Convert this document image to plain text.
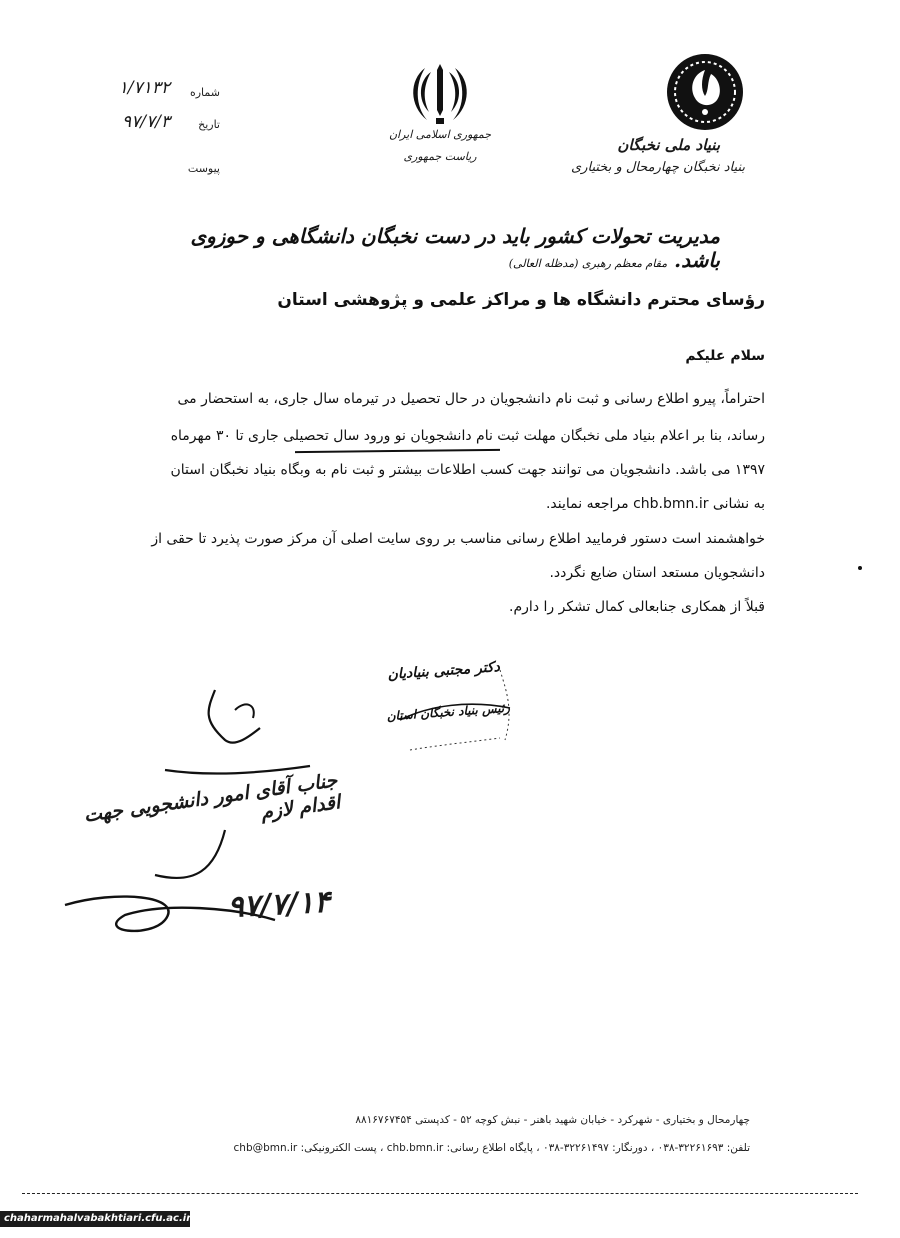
بنیاد ملی نخبگان
بنیاد نخبگان چهارمحال و بختیاری
جمهوری اسلامی ایران
ریاست جمهوری
شماره
۱/۷۱۳۲
تاریخ
۹۷/۷/۳
پیوست
مدیریت تحولات کشور باید در دست نخبگان دانشگاهی و حوزوی باشد. مقام معظم رهبری (مدظله العالی)
رؤسای محترم دانشگاه ها و مراکز علمی و پژوهشی استان
سلام علیکم
احتراماً، پیرو اطلاع رسانی و ثبت نام دانشجویان در حال تحصیل در تیرماه سال جاری، به استحضار می
رساند، بنا بر اعلام بنیاد ملی نخبگان مهلت ثبت نام دانشجویان نو ورود سال تحصیلی جاری تا ۳۰ مهرماه
۱۳۹۷ می باشد. دانشجویان می توانند جهت کسب اطلاعات بیشتر و ثبت نام به وبگاه بنیاد نخبگان استان
به نشانی chb.bmn.ir مراجعه نمایند.
خواهشمند است دستور فرمایید اطلاع رسانی مناسب بر روی سایت اصلی آن مرکز صورت پذیرد تا حقی از
دانشجویان مستعد استان ضایع نگردد.
قبلاً از همکاری جنابعالی کمال تشکر را دارم.
دکتر مجتبی بنیادیان
رئیس بنیاد نخبگان استان
جناب آقای امور دانشجویی جهت اقدام لازم
۹۷/۷/۱۴
چهارمحال و بختیاری - شهرکرد - خیابان شهید باهنر - نبش کوچه ۵۲ - کدپستی ۸۸۱۶۷۶۷۴۵۴
تلفن: ۳۲۲۶۱۶۹۳-۰۳۸ ، دورنگار: ۳۲۲۶۱۴۹۷-۰۳۸ ، پایگاه اطلاع رسانی: chb.bmn.ir ، پست الکترونیکی: chb@bmn.ir
chaharmahalvabakhtiari.cfu.ac.ir
